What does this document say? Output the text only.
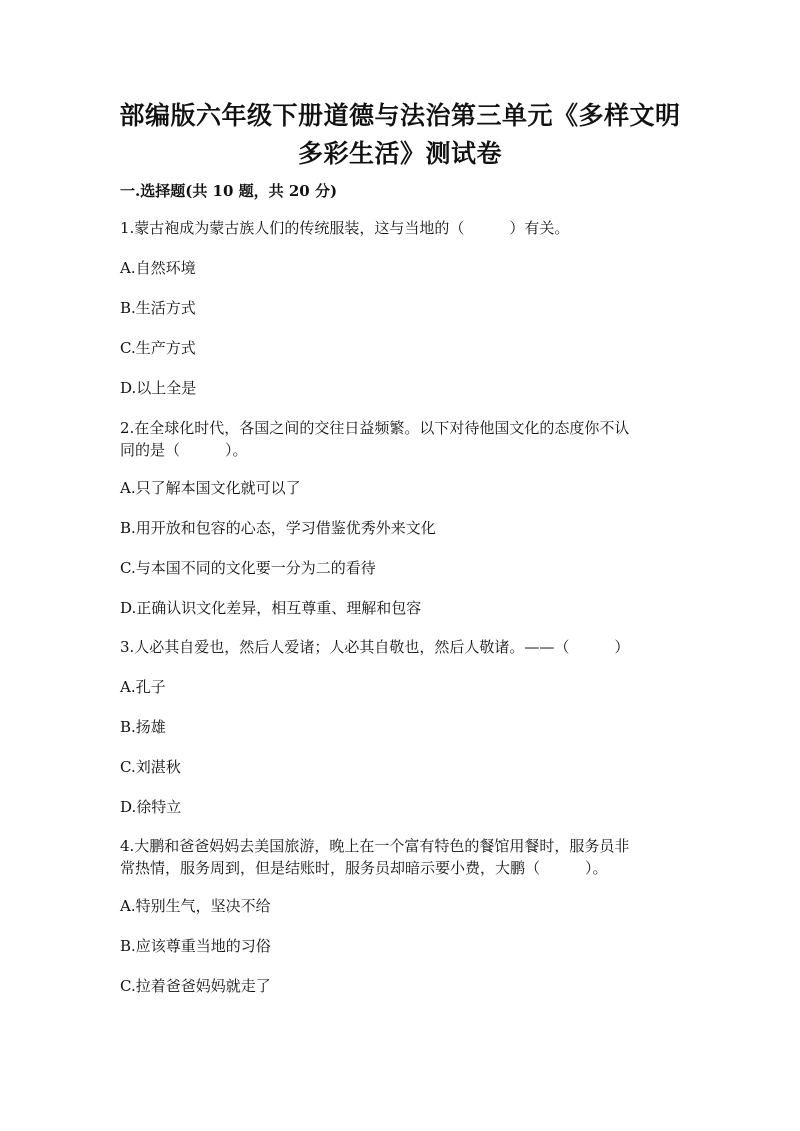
部编版六年级下册道德与法治第三单元《多样文明
多彩生活》测试卷
一.选择题(共 10 题，共 20 分)
1.蒙古袍成为蒙古族人们的传统服装，这与当地的（　　　）有关。
A.自然环境
B.生活方式
C.生产方式
D.以上全是
2.在全球化时代，各国之间的交往日益频繁。以下对待他国文化的态度你不认
同的是（　　　）。
A.只了解本国文化就可以了
B.用开放和包容的心态，学习借鉴优秀外来文化
C.与本国不同的文化要一分为二的看待
D.正确认识文化差异，相互尊重、理解和包容
3.人必其自爱也，然后人爱诸；人必其自敬也，然后人敬诸。——（　　　）
A.孔子
B.扬雄
C.刘湛秋
D.徐特立
4.大鹏和爸爸妈妈去美国旅游，晚上在一个富有特色的餐馆用餐时，服务员非
常热情，服务周到，但是结账时，服务员却暗示要小费，大鹏（　　　）。
A.特别生气，坚决不给
B.应该尊重当地的习俗
C.拉着爸爸妈妈就走了
